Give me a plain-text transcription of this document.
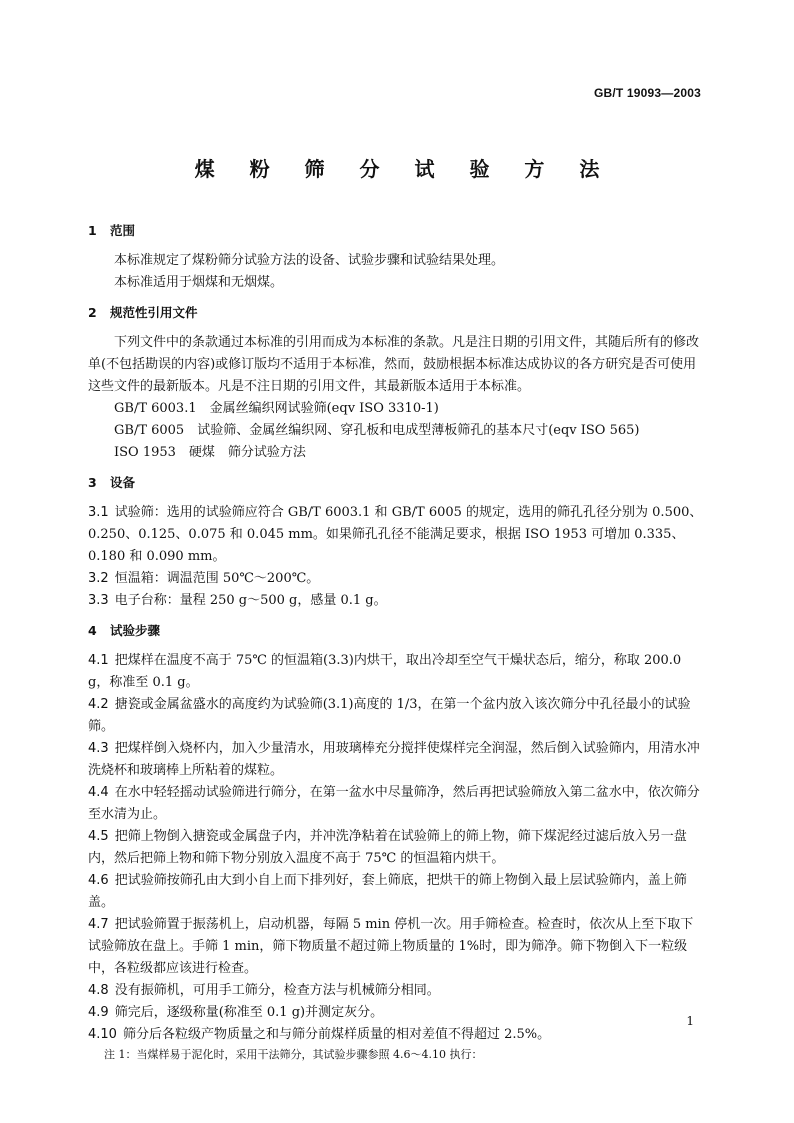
GB/T 19093—2003
煤 粉 筛 分 试 验 方 法
1 范围

本标准规定了煤粉筛分试验方法的设备、试验步骤和试验结果处理。

本标准适用于烟煤和无烟煤。

2 规范性引用文件

下列文件中的条款通过本标准的引用而成为本标准的条款。凡是注日期的引用文件，其随后所有的修改单(不包括勘误的内容)或修订版均不适用于本标准，然而，鼓励根据本标准达成协议的各方研究是否可使用这些文件的最新版本。凡是不注日期的引用文件，其最新版本适用于本标准。

GB/T 6003.1　金属丝编织网试验筛(eqv ISO 3310-1)

GB/T 6005　试验筛、金属丝编织网、穿孔板和电成型薄板筛孔的基本尺寸(eqv ISO 565)

ISO 1953　硬煤　筛分试验方法

3 设备

3.1 试验筛：选用的试验筛应符合 GB/T 6003.1 和 GB/T 6005 的规定，选用的筛孔孔径分别为 0.500、0.250、0.125、0.075 和 0.045 mm。如果筛孔孔径不能满足要求，根据 ISO 1953 可增加 0.335、0.180 和 0.090 mm。

3.2 恒温箱：调温范围 50℃～200℃。

3.3 电子台称：量程 250 g～500 g，感量 0.1 g。

4 试验步骤

4.1 把煤样在温度不高于 75℃ 的恒温箱(3.3)内烘干，取出冷却至空气干燥状态后，缩分，称取 200.0 g，称准至 0.1 g。

4.2 搪瓷或金属盆盛水的高度约为试验筛(3.1)高度的 1/3，在第一个盆内放入该次筛分中孔径最小的试验筛。

4.3 把煤样倒入烧杯内，加入少量清水，用玻璃棒充分搅拌使煤样完全润湿，然后倒入试验筛内，用清水冲洗烧杯和玻璃棒上所粘着的煤粒。

4.4 在水中轻轻摇动试验筛进行筛分，在第一盆水中尽量筛净，然后再把试验筛放入第二盆水中，依次筛分至水清为止。

4.5 把筛上物倒入搪瓷或金属盘子内，并冲洗净粘着在试验筛上的筛上物，筛下煤泥经过滤后放入另一盘内，然后把筛上物和筛下物分别放入温度不高于 75℃ 的恒温箱内烘干。

4.6 把试验筛按筛孔由大到小自上而下排列好，套上筛底，把烘干的筛上物倒入最上层试验筛内，盖上筛盖。

4.7 把试验筛置于振荡机上，启动机器，每隔 5 min 停机一次。用手筛检查。检查时，依次从上至下取下试验筛放在盘上。手筛 1 min，筛下物质量不超过筛上物质量的 1%时，即为筛净。筛下物倒入下一粒级中，各粒级都应该进行检查。

4.8 没有振筛机，可用手工筛分，检查方法与机械筛分相同。

4.9 筛完后，逐级称量(称准至 0.1 g)并测定灰分。

4.10 筛分后各粒级产物质量之和与筛分前煤样质量的相对差值不得超过 2.5%。

注 1：当煤样易于泥化时，采用干法筛分，其试验步骤参照 4.6～4.10 执行：

1
